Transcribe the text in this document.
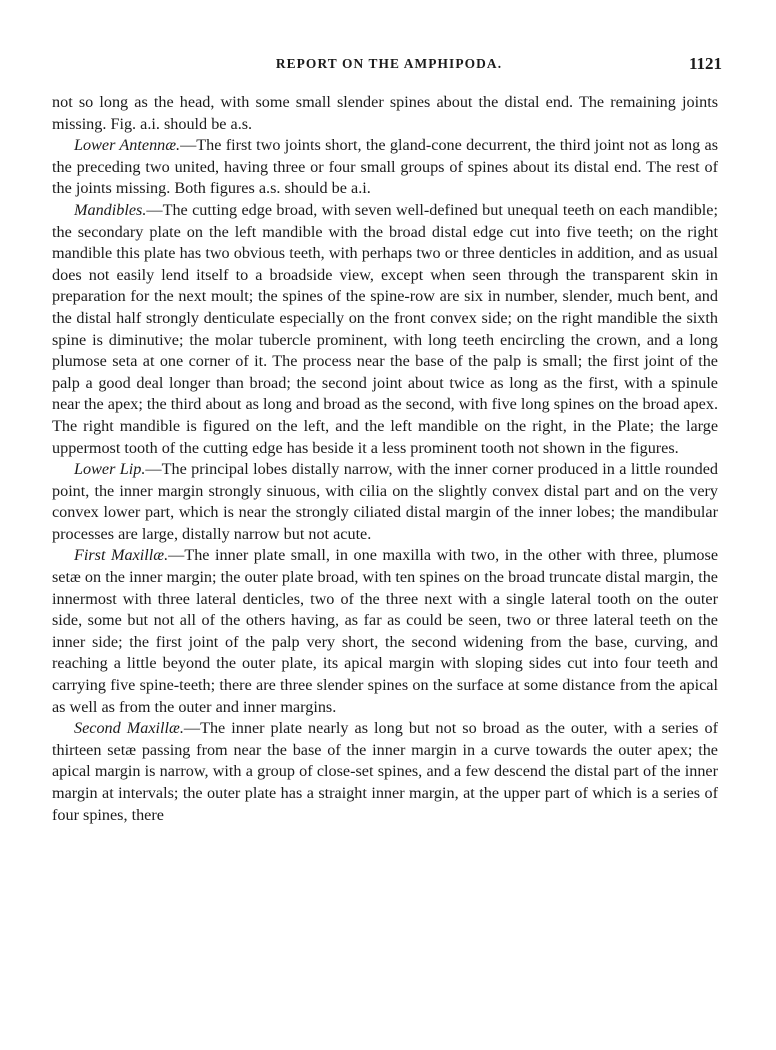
REPORT ON THE AMPHIPODA.	1121

not so long as the head, with some small slender spines about the distal end. The remaining joints missing. Fig. a.i. should be a.s.

Lower Antennæ.—The first two joints short, the gland-cone decurrent, the third joint not as long as the preceding two united, having three or four small groups of spines about its distal end. The rest of the joints missing. Both figures a.s. should be a.i.

Mandibles.—The cutting edge broad, with seven well-defined but unequal teeth on each mandible; the secondary plate on the left mandible with the broad distal edge cut into five teeth; on the right mandible this plate has two obvious teeth, with perhaps two or three denticles in addition, and as usual does not easily lend itself to a broadside view, except when seen through the transparent skin in preparation for the next moult; the spines of the spine-row are six in number, slender, much bent, and the distal half strongly denticulate especially on the front convex side; on the right mandible the sixth spine is diminutive; the molar tubercle prominent, with long teeth encircling the crown, and a long plumose seta at one corner of it. The process near the base of the palp is small; the first joint of the palp a good deal longer than broad; the second joint about twice as long as the first, with a spinule near the apex; the third about as long and broad as the second, with five long spines on the broad apex. The right mandible is figured on the left, and the left mandible on the right, in the Plate; the large uppermost tooth of the cutting edge has beside it a less prominent tooth not shown in the figures.

Lower Lip.—The principal lobes distally narrow, with the inner corner produced in a little rounded point, the inner margin strongly sinuous, with cilia on the slightly convex distal part and on the very convex lower part, which is near the strongly ciliated distal margin of the inner lobes; the mandibular processes are large, distally narrow but not acute.

First Maxillæ.—The inner plate small, in one maxilla with two, in the other with three, plumose setæ on the inner margin; the outer plate broad, with ten spines on the broad truncate distal margin, the innermost with three lateral denticles, two of the three next with a single lateral tooth on the outer side, some but not all of the others having, as far as could be seen, two or three lateral teeth on the inner side; the first joint of the palp very short, the second widening from the base, curving, and reaching a little beyond the outer plate, its apical margin with sloping sides cut into four teeth and carrying five spine-teeth; there are three slender spines on the surface at some distance from the apical as well as from the outer and inner margins.

Second Maxillæ.—The inner plate nearly as long but not so broad as the outer, with a series of thirteen setæ passing from near the base of the inner margin in a curve towards the outer apex; the apical margin is narrow, with a group of close-set spines, and a few descend the distal part of the inner margin at intervals; the outer plate has a straight inner margin, at the upper part of which is a series of four spines, there
